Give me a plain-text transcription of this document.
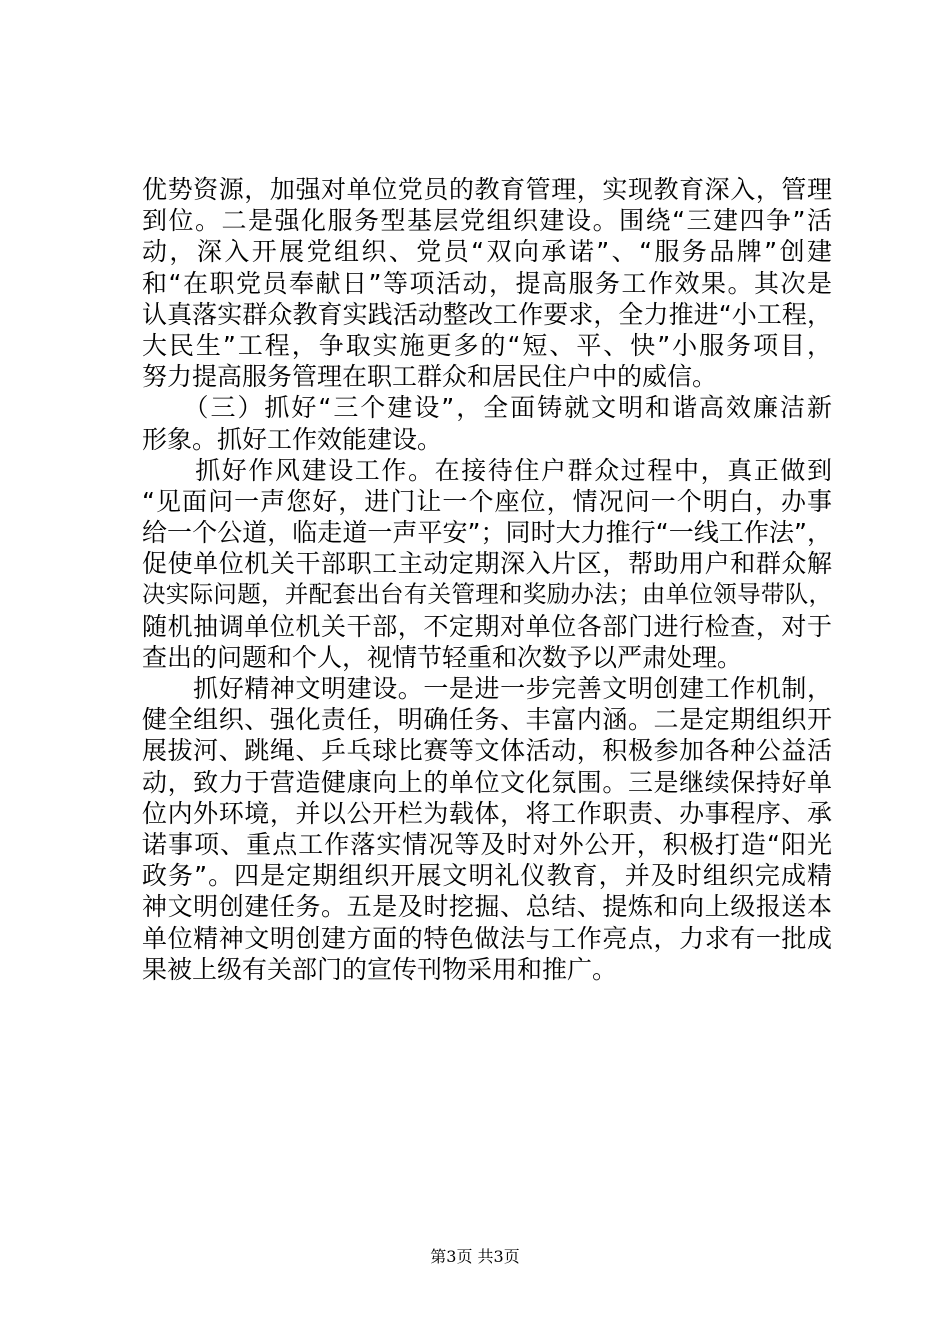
优势资源，加强对单位党员的教育管理，实现教育深入，管理
到位。二是强化服务型基层党组织建设。围绕“三建四争”活
动，深入开展党组织、党员“双向承诺”、“服务品牌”创建
和“在职党员奉献日”等项活动，提高服务工作效果。其次是
认真落实群众教育实践活动整改工作要求，全力推进“小工程，
大民生”工程，争取实施更多的“短、平、快”小服务项目，
努力提高服务管理在职工群众和居民住户中的威信。
　　（三）抓好“三个建设”，全面铸就文明和谐高效廉洁新
形象。抓好工作效能建设。
　　抓好作风建设工作。在接待住户群众过程中，真正做到
“见面问一声您好，进门让一个座位，情况问一个明白，办事
给一个公道，临走道一声平安”；同时大力推行“一线工作法”，
促使单位机关干部职工主动定期深入片区，帮助用户和群众解
决实际问题，并配套出台有关管理和奖励办法；由单位领导带队，
随机抽调单位机关干部，不定期对单位各部门进行检查，对于
查出的问题和个人，视情节轻重和次数予以严肃处理。
　　抓好精神文明建设。一是进一步完善文明创建工作机制，
健全组织、强化责任，明确任务、丰富内涵。二是定期组织开
展拔河、跳绳、乒乓球比赛等文体活动，积极参加各种公益活
动，致力于营造健康向上的单位文化氛围。三是继续保持好单
位内外环境，并以公开栏为载体，将工作职责、办事程序、承
诺事项、重点工作落实情况等及时对外公开，积极打造“阳光
政务”。四是定期组织开展文明礼仪教育，并及时组织完成精
神文明创建任务。五是及时挖掘、总结、提炼和向上级报送本
单位精神文明创建方面的特色做法与工作亮点，力求有一批成
果被上级有关部门的宣传刊物采用和推广。
第3页 共3页
